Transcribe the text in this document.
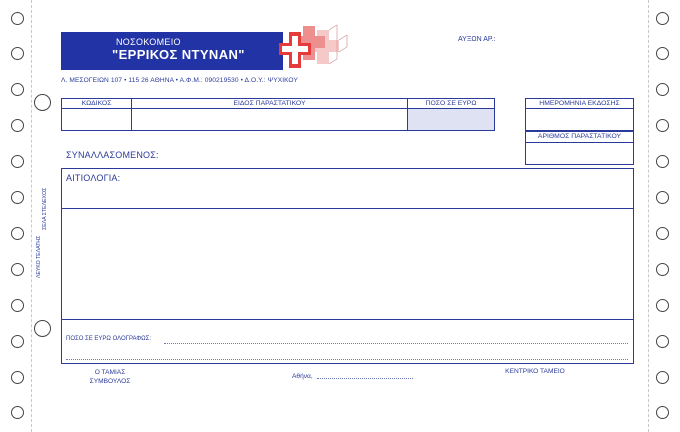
ΝΟΣΟΚΟΜΕΙΟ
"ΕΡΡΙΚΟΣ ΝΤΥΝΑΝ"
ΑΥΞΩΝ ΑΡ.:
Λ. ΜΕΣΟΓΕΙΩΝ 107 • 115 26 ΑΘΗΝΑ • Α.Φ.Μ.: 090219530 • Δ.Ο.Υ.: ΨΥΧΙΚΟΥ
ΚΩΔΙΚΟΣ	ΕΙΔΟΣ ΠΑΡΑΣΤΑΤΙΚΟΥ	ΠΟΣΟ ΣΕ ΕΥΡΩ	ΗΜΕΡΟΜΗΝΙΑ ΕΚΔΟΣΗΣ
ΑΡΙΘΜΟΣ ΠΑΡΑΣΤΑΤΙΚΟΥ
ΣΥΝΑΛΛΑΣΟΜΕΝΟΣ:
ΑΙΤΙΟΛΟΓΙΑ:
ΠΟΣΟ ΣΕ ΕΥΡΩ ΟΛΟΓΡΑΦΩΣ:
ΛΕΥΚΟ ΤΕΛΑΤΗΣ
ΣΕΛΑ ΣΤΕΛΕΧΟΣ
Ο ΤΑΜΙΑΣ
ΣΥΜΒΟΥΛΟΣ
Αθήνα,
ΚΕΝΤΡΙΚΟ ΤΑΜΕΙΟ
